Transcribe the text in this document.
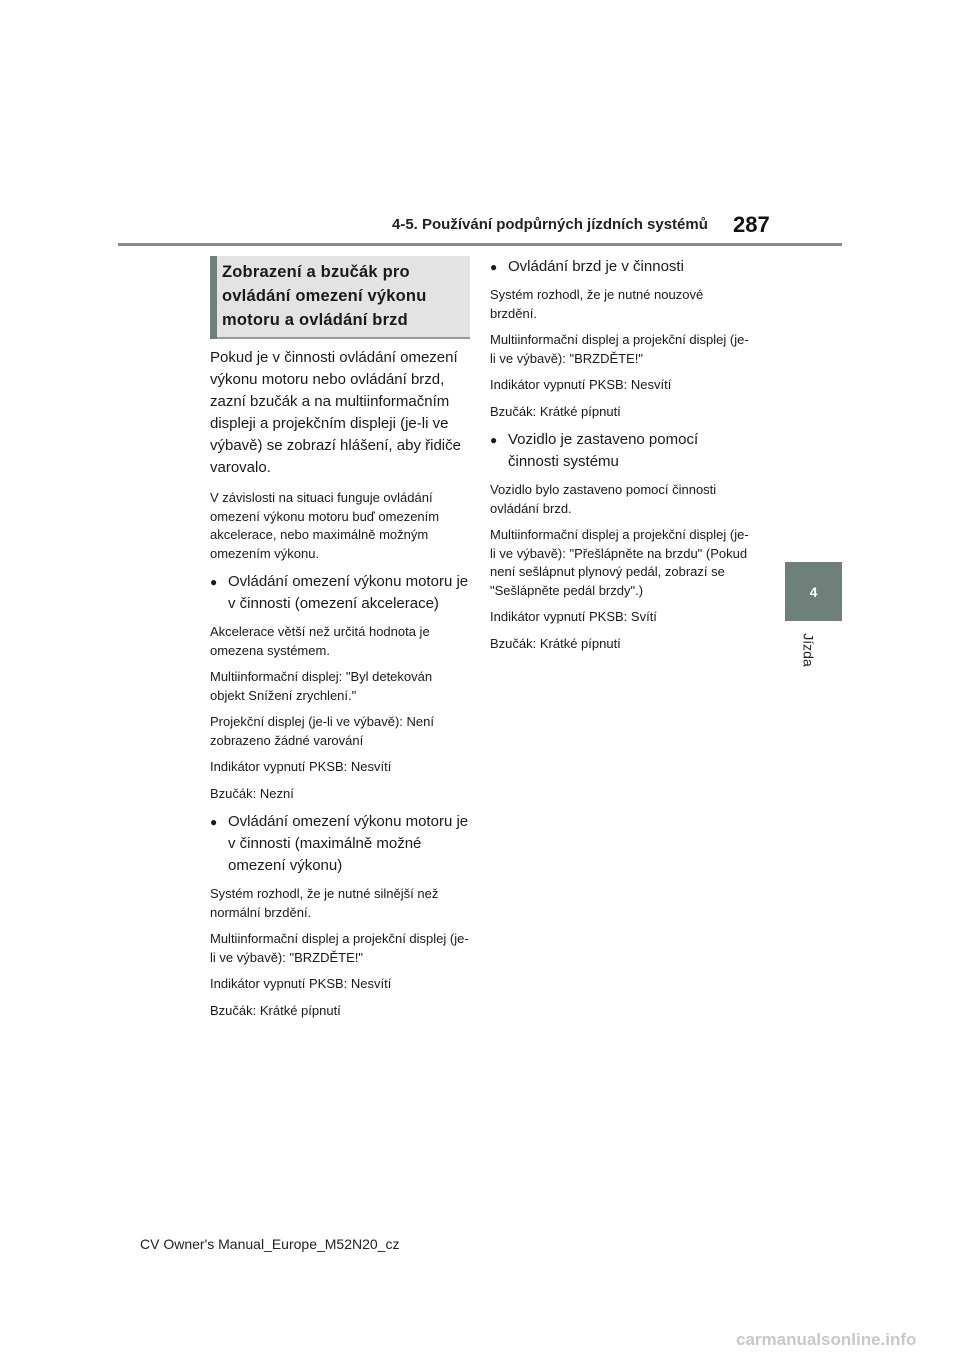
4-5. Používání podpůrných jízdních systémů 287
4
Jízda
Zobrazení a bzučák pro ovládání omezení výkonu motoru a ovládání brzd

Pokud je v činnosti ovládání omezení výkonu motoru nebo ovládání brzd, zazní bzučák a na multiinformačním displeji a projekčním displeji (je-li ve výbavě) se zobrazí hlášení, aby řidiče varovalo.

V závislosti na situaci funguje ovládání omezení výkonu motoru buď omezením akcelerace, nebo maximálně možným omezením výkonu.

● Ovládání omezení výkonu motoru je v činnosti (omezení akcelerace)

Akcelerace větší než určitá hodnota je omezena systémem.

Multiinformační displej: "Byl detekován objekt Snížení zrychlení."

Projekční displej (je-li ve výbavě): Není zobrazeno žádné varování

Indikátor vypnutí PKSB: Nesvítí

Bzučák: Nezní

● Ovládání omezení výkonu motoru je v činnosti (maximálně možné omezení výkonu)

Systém rozhodl, že je nutné silnější než normální brzdění.

Multiinformační displej a projekční displej (je-li ve výbavě): "BRZDĚTE!"

Indikátor vypnutí PKSB: Nesvítí

Bzučák: Krátké pípnutí

● Ovládání brzd je v činnosti

Systém rozhodl, že je nutné nouzové brzdění.

Multiinformační displej a projekční displej (je-li ve výbavě): "BRZDĚTE!"

Indikátor vypnutí PKSB: Nesvítí

Bzučák: Krátké pípnutí

● Vozidlo je zastaveno pomocí činnosti systému

Vozidlo bylo zastaveno pomocí činnosti ovládání brzd.

Multiinformační displej a projekční displej (je-li ve výbavě): "Přešlápněte na brzdu" (Pokud není sešlápnut plynový pedál, zobrazí se "Sešlápněte pedál brzdy".)

Indikátor vypnutí PKSB: Svítí

Bzučák: Krátké pípnutí

CV Owner's Manual_Europe_M52N20_cz
carmanualsonline.info
